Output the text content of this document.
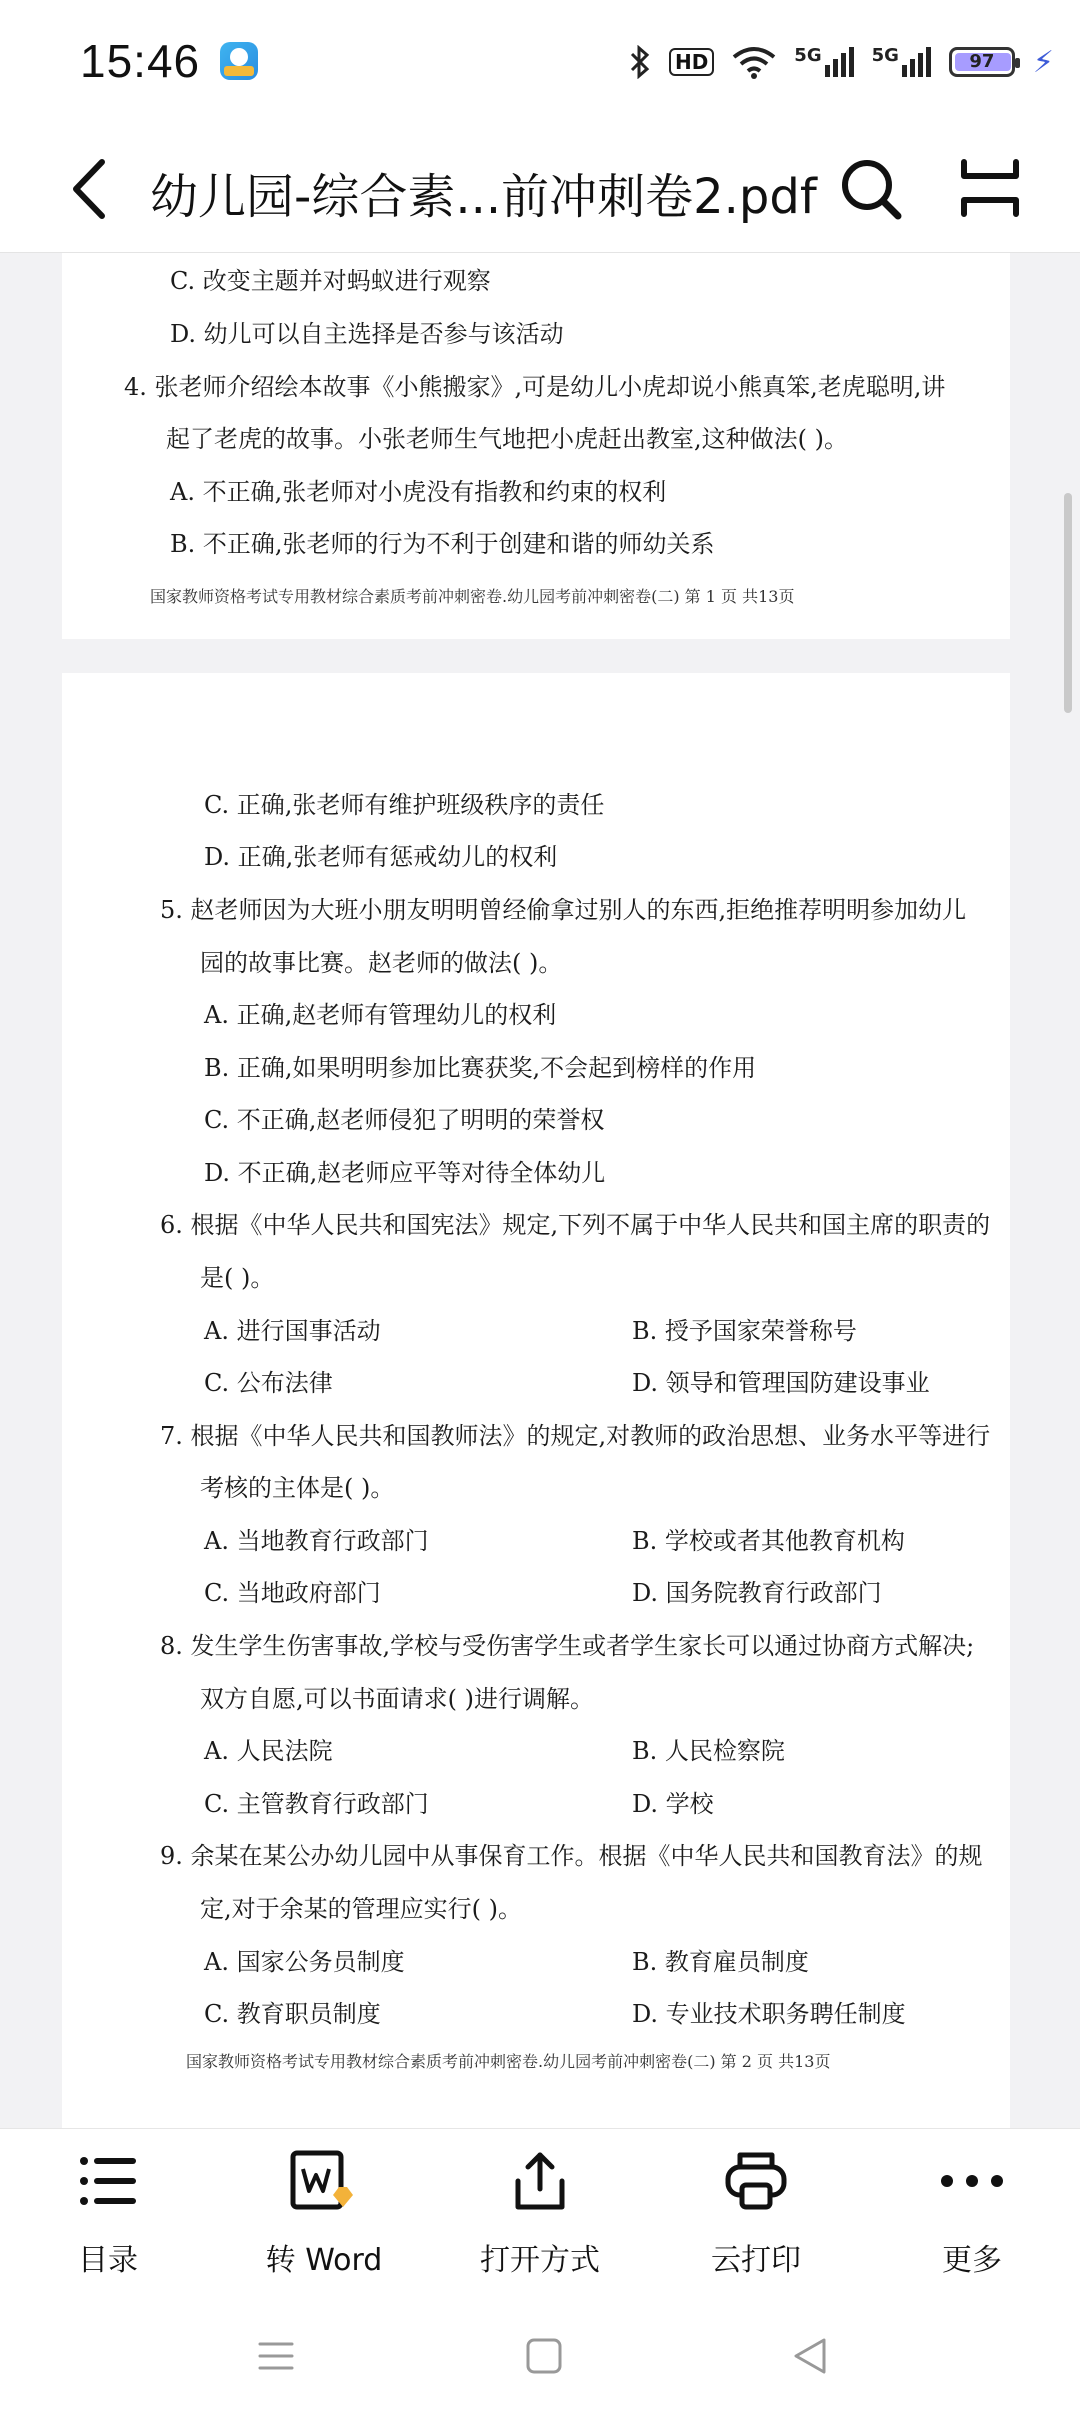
15:46	HD	5G	5G	97	⚡
幼儿园-综合素...前冲刺卷2.pdf
C. 改变主题并对蚂蚁进行观察
D. 幼儿可以自主选择是否参与该活动
4. 张老师介绍绘本故事《小熊搬家》,可是幼儿小虎却说小熊真笨,老虎聪明,讲
起了老虎的故事。小张老师生气地把小虎赶出教室,这种做法( )。
A. 不正确,张老师对小虎没有指教和约束的权利
B. 不正确,张老师的行为不利于创建和谐的师幼关系
国家教师资格考试专用教材综合素质考前冲刺密卷.幼儿园考前冲刺密卷(二) 第 1 页 共13页
C. 正确,张老师有维护班级秩序的责任
D. 正确,张老师有惩戒幼儿的权利
5. 赵老师因为大班小朋友明明曾经偷拿过别人的东西,拒绝推荐明明参加幼儿
园的故事比赛。赵老师的做法( )。
A. 正确,赵老师有管理幼儿的权利
B. 正确,如果明明参加比赛获奖,不会起到榜样的作用
C. 不正确,赵老师侵犯了明明的荣誉权
D. 不正确,赵老师应平等对待全体幼儿
6. 根据《中华人民共和国宪法》规定,下列不属于中华人民共和国主席的职责的
是( )。
A. 进行国事活动	B. 授予国家荣誉称号
C. 公布法律	D. 领导和管理国防建设事业
7. 根据《中华人民共和国教师法》的规定,对教师的政治思想、业务水平等进行
考核的主体是( )。
A. 当地教育行政部门	B. 学校或者其他教育机构
C. 当地政府部门	D. 国务院教育行政部门
8. 发生学生伤害事故,学校与受伤害学生或者学生家长可以通过协商方式解决;
双方自愿,可以书面请求( )进行调解。
A. 人民法院	B. 人民检察院
C. 主管教育行政部门	D. 学校
9. 余某在某公办幼儿园中从事保育工作。根据《中华人民共和国教育法》的规
定,对于余某的管理应实行( )。
A. 国家公务员制度	B. 教育雇员制度
C. 教育职员制度	D. 专业技术职务聘任制度
国家教师资格考试专用教材综合素质考前冲刺密卷.幼儿园考前冲刺密卷(二) 第 2 页 共13页
目录	转 Word	打开方式	云打印	更多
